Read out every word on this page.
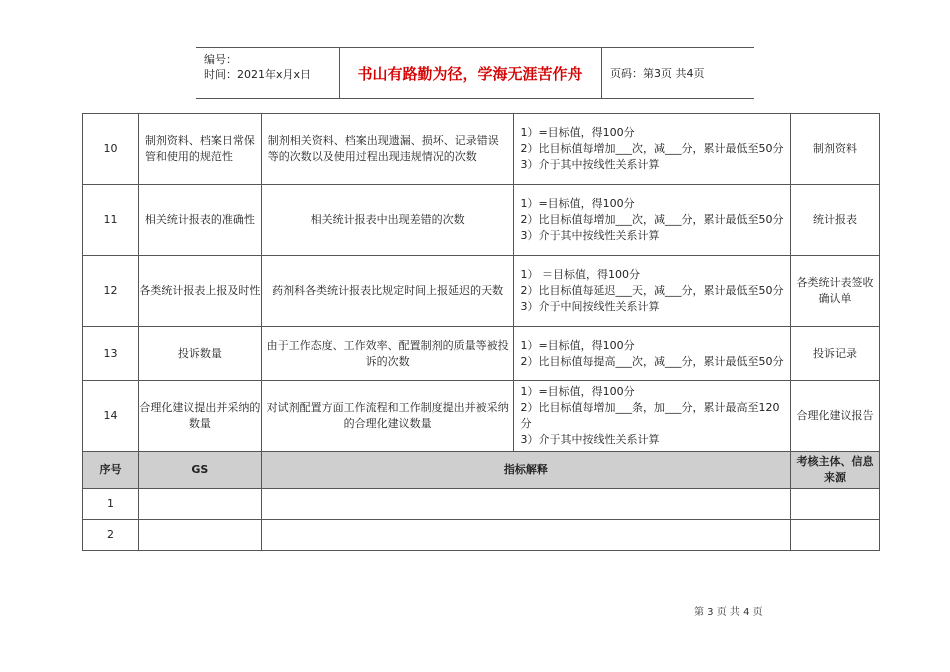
编号：
时间：2021年x月x日	书山有路勤为径，学海无涯苦作舟	页码：第3页 共4页
10	制剂资料、档案日常保管和使用的规范性	制剂相关资料、档案出现遗漏、损坏、记录错误等的次数以及使用过程出现违规情况的次数	1）=目标值，得100分
2）比目标值每增加___次，减___分，累计最低至50分
3）介于其中按线性关系计算	制剂资料
11	相关统计报表的准确性	相关统计报表中出现差错的次数	1）=目标值，得100分
2）比目标值每增加___次，减___分，累计最低至50分
3）介于其中按线性关系计算	统计报表
12	各类统计报表上报及时性	药剂科各类统计报表比规定时间上报延迟的天数	1） ＝目标值，得100分
2）比目标值每延迟___天，减___分，累计最低至50分
3）介于中间按线性关系计算	各类统计表签收确认单
13	投诉数量	由于工作态度、工作效率、配置制剂的质量等被投诉的次数	1）=目标值，得100分
2）比目标值每提高___次，减___分，累计最低至50分	投诉记录
14	合理化建议提出并采纳的数量	对试剂配置方面工作流程和工作制度提出并被采纳的合理化建议数量	1）=目标值，得100分
2）比目标值每增加___条，加___分，累计最高至120分
3）介于其中按线性关系计算	合理化建议报告
序号	GS	指标解释	考核主体、信息来源
1			
2			
第 3 页 共 4 页
